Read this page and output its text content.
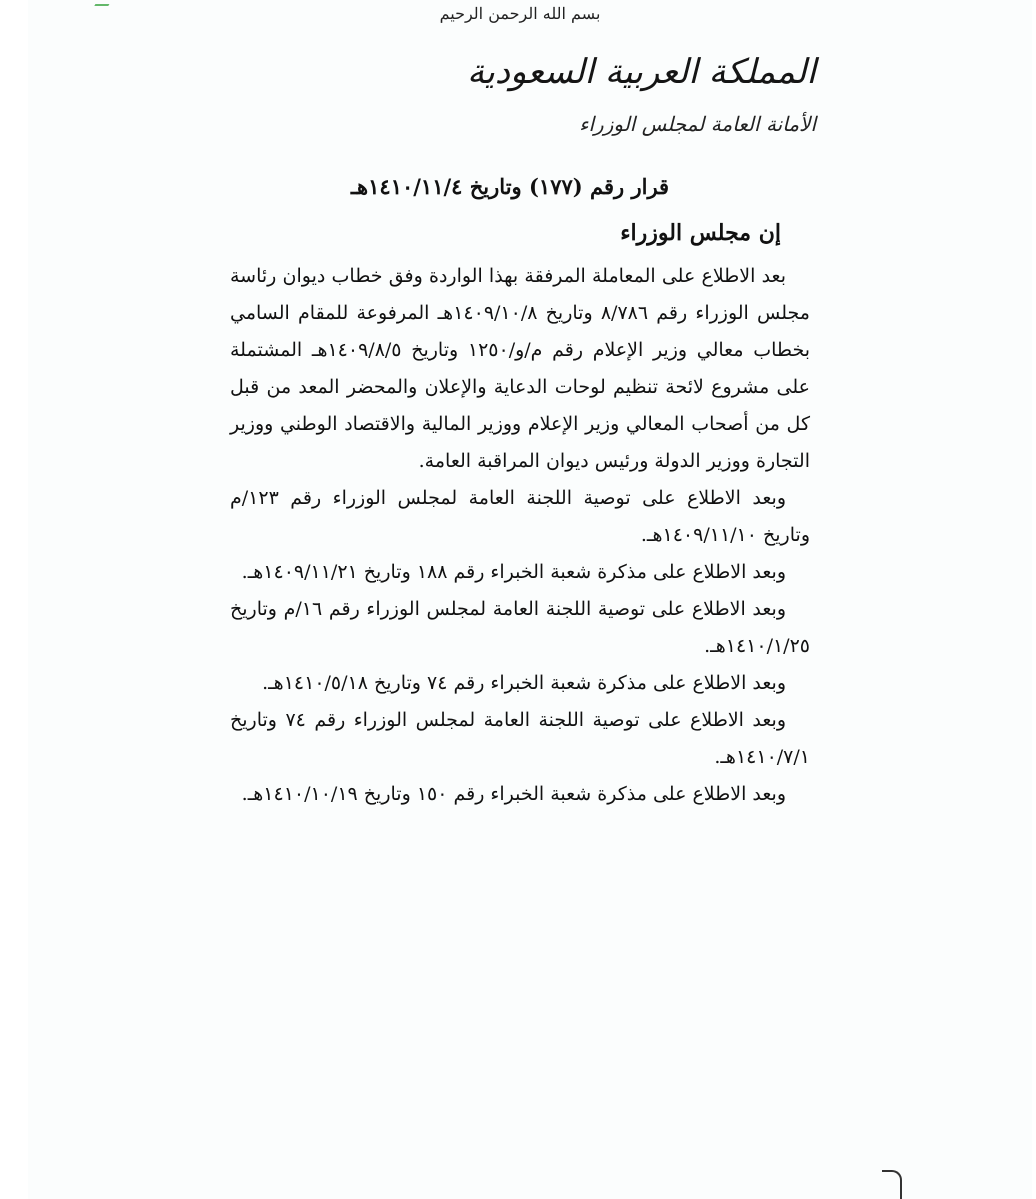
بسم الله الرحمن الرحيم
المملكة العربية السعودية
الأمانة العامة لمجلس الوزراء
قرار رقم (١٧٧) وتاريخ ١٤١٠/١١/٤هـ
إن مجلس الوزراء

بعد الاطلاع على المعاملة المرفقة بهذا الواردة وفق خطاب ديوان رئاسة مجلس الوزراء رقم ٨/٧٨٦ وتاريخ ١٤٠٩/١٠/٨هـ المرفوعة للمقام السامي بخطاب معالي وزير الإعلام رقم م/و/١٢٥٠ وتاريخ ١٤٠٩/٨/٥هـ المشتملة على مشروع لائحة تنظيم لوحات الدعاية والإعلان والمحضر المعد من قبل كل من أصحاب المعالي وزير الإعلام ووزير المالية والاقتصاد الوطني ووزير التجارة ووزير الدولة ورئيس ديوان المراقبة العامة.

وبعد الاطلاع على توصية اللجنة العامة لمجلس الوزراء رقم ١٢٣/م وتاريخ ١٤٠٩/١١/١٠هـ.

وبعد الاطلاع على مذكرة شعبة الخبراء رقم ١٨٨ وتاريخ ١٤٠٩/١١/٢١هـ.

وبعد الاطلاع على توصية اللجنة العامة لمجلس الوزراء رقم ١٦/م وتاريخ ١٤١٠/١/٢٥هـ.

وبعد الاطلاع على مذكرة شعبة الخبراء رقم ٧٤ وتاريخ ١٤١٠/٥/١٨هـ.

وبعد الاطلاع على توصية اللجنة العامة لمجلس الوزراء رقم ٧٤ وتاريخ ١٤١٠/٧/١هـ.

وبعد الاطلاع على مذكرة شعبة الخبراء رقم ١٥٠ وتاريخ ١٤١٠/١٠/١٩هـ.
